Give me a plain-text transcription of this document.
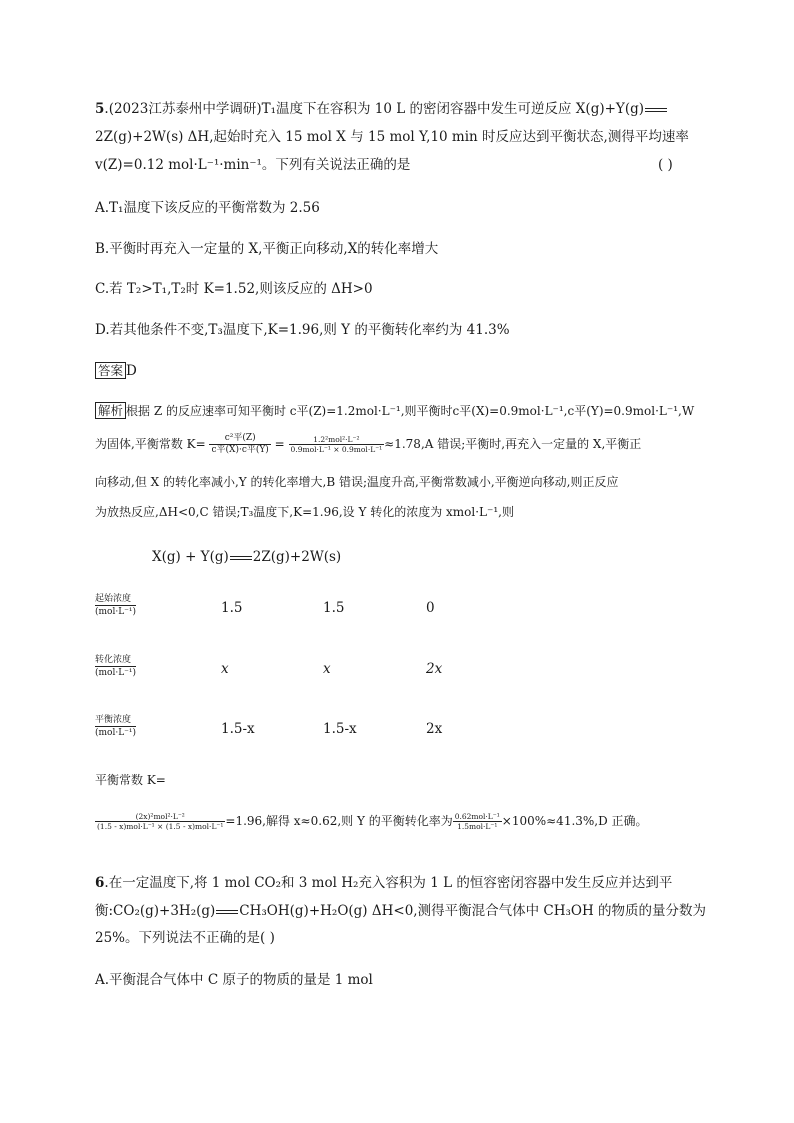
5.(2023江苏泰州中学调研)T₁温度下在容积为 10 L 的密闭容器中发生可逆反应 X(g)+Y(g)
2Z(g)+2W(s) ΔH,起始时充入 15 mol X 与 15 mol Y,10 min 时反应达到平衡状态,测得平均速率
v(Z)=0.12 mol·L⁻¹·min⁻¹。下列有关说法正确的是	( )
A.T₁温度下该反应的平衡常数为 2.56
B.平衡时再充入一定量的 X,平衡正向移动,X的转化率增大
C.若 T₂>T₁,T₂时 K=1.52,则该反应的 ΔH>0
D.若其他条件不变,T₃温度下,K=1.96,则 Y 的平衡转化率约为 41.3%
答案 D
解析 根据 Z 的反应速率可知平衡时 c平(Z)=1.2mol·L⁻¹,则平衡时c平(X)=0.9mol·L⁻¹,c平(Y)=0.9mol·L⁻¹,W
为固体,平衡常数 $K= \frac{\text{c²平(Z)}}{\text{c平(X)·c平(Y)}} = \frac{\text{1.2²mol²·L⁻²}}{\text{0.9mol·L⁻¹ × 0.9mol·L⁻¹}} \approx 1.78,A$ 错误;平衡时,再充入一定量的 X,平衡正
向移动,但 X 的转化率减小,Y 的转化率增大,B 错误;温度升高,平衡常数减小,平衡逆向移动,则正反应
为放热反应,ΔH<0,C 错误;T₃温度下,K=1.96,设 Y 转化的浓度为 xmol·L⁻¹,则
X(g) + Y(g) 2Z(g)+2W(s)
起始浓度
(mol·L⁻¹)	1.5	1.5	0
转化浓度
(mol·L⁻¹)	x	x	2x
平衡浓度
(mol·L⁻¹)	1.5-x	1.5-x	2x
平衡常数 K=
$\frac{\text{(2x)²mol²·L⁻²}}{\text{(1.5 - x)mol·L⁻¹ × (1.5 - x)mol·L⁻¹}} =1.96$,解得 x≈0.62,则 Y 的平衡转化率为 $\frac{\text{0.62mol·L⁻¹}}{\text{1.5mol·L⁻¹}} \times 100\%\approx 41.3\%,D$ 正确。
6.在一定温度下,将 1 mol CO₂和 3 mol H₂充入容积为 1 L 的恒容密闭容器中发生反应并达到平
衡:CO₂(g)+3H₂(g) CH₃OH(g)+H₂O(g) ΔH<0,测得平衡混合气体中 CH₃OH 的物质的量分数为
25%。下列说法不正确的是( )
A.平衡混合气体中 C 原子的物质的量是 1 mol
